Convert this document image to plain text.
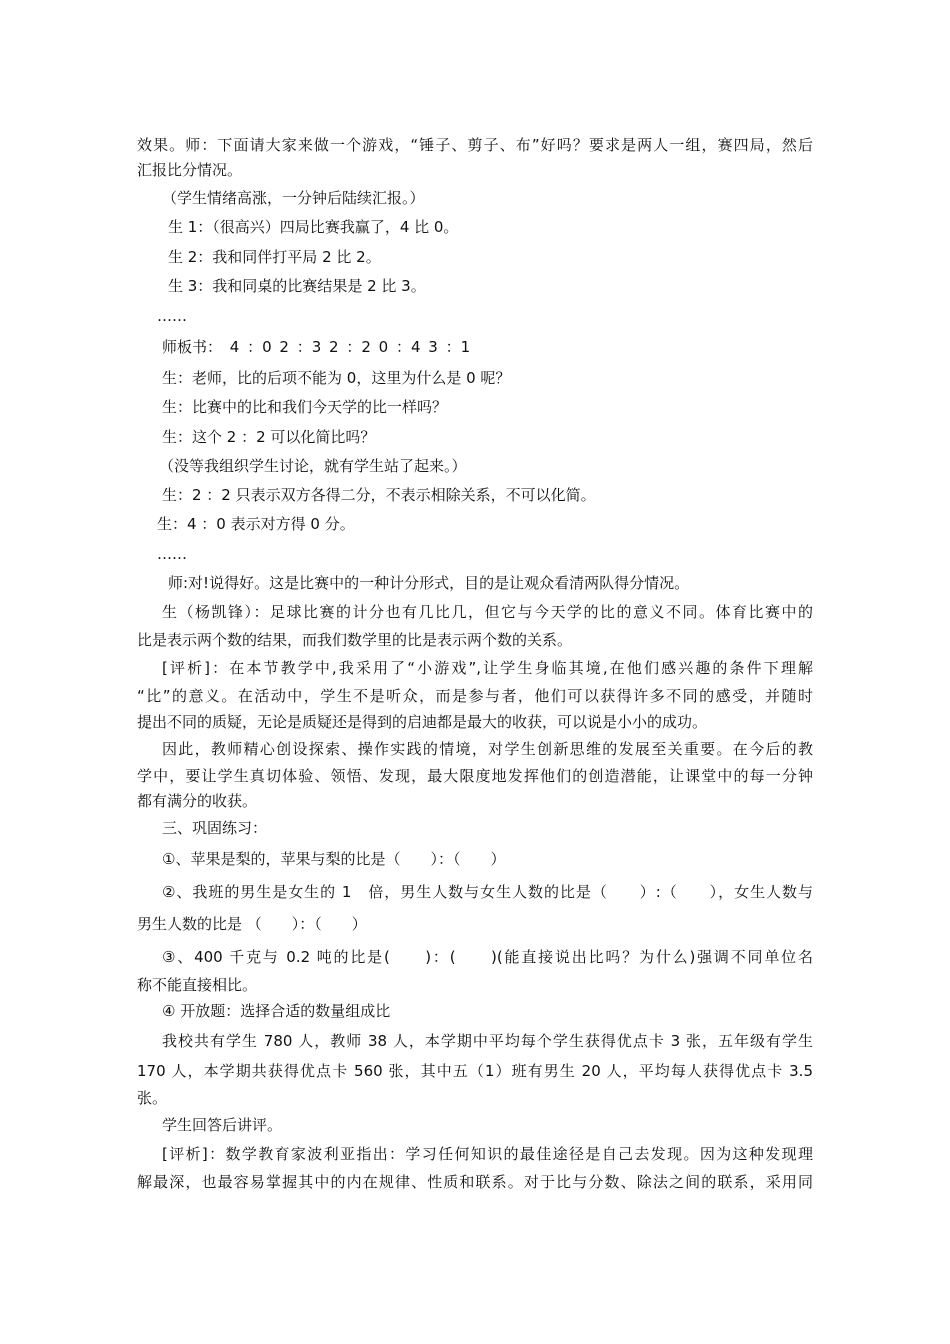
效果。师：下面请大家来做一个游戏，“锤子、剪子、布”好吗？要求是两人一组，赛四局，然后
汇报比分情况。
（学生情绪高涨，一分钟后陆续汇报。）
生 1：（很高兴）四局比赛我赢了，4 比 0。
生 2：我和同伴打平局 2 比 2。
生 3：我和同桌的比赛结果是 2 比 3。
……
师板书： 4 ：0 2 ：3 2 ：2 0 ：4 3 ：1
生：老师，比的后项不能为 0，这里为什么是 0 呢？
生：比赛中的比和我们今天学的比一样吗？
生：这个 2 ：2 可以化简比吗？
（没等我组织学生讨论，就有学生站了起来。）
生：2 ：2 只表示双方各得二分，不表示相除关系，不可以化简。
生：4 ：0 表示对方得 0 分。
……
师:对!说得好。这是比赛中的一种计分形式，目的是让观众看清两队得分情况。
生（杨凯锋）：足球比赛的计分也有几比几，但它与今天学的比的意义不同。体育比赛中的
比是表示两个数的结果，而我们数学里的比是表示两个数的关系。
[评析]：在本节教学中,我采用了“小游戏”,让学生身临其境,在他们感兴趣的条件下理解
“比”的意义。在活动中，学生不是听众，而是参与者，他们可以获得许多不同的感受，并随时
提出不同的质疑，无论是质疑还是得到的启迪都是最大的收获，可以说是小小的成功。
因此，教师精心创设探索、操作实践的情境，对学生创新思维的发展至关重要。在今后的教
学中，要让学生真切体验、领悟、发现，最大限度地发挥他们的创造潜能，让课堂中的每一分钟
都有满分的收获。
三、巩固练习：
①、苹果是梨的，苹果与梨的比是（　　）：（　　）
②、我班的男生是女生的 1　倍，男生人数与女生人数的比是（　　）:（　　），女生人数与
男生人数的比是 （　　）：（　　）
③、400 千克与 0.2 吨的比是(　　)：(　　)(能直接说出比吗？为什么)强调不同单位名
称不能直接相比。
④ 开放题：选择合适的数量组成比
我校共有学生 780 人，教师 38 人，本学期中平均每个学生获得优点卡 3 张，五年级有学生
170 人，本学期共获得优点卡 560 张，其中五（1）班有男生 20 人，平均每人获得优点卡 3.5
张。
学生回答后讲评。
[评析]：数学教育家波利亚指出：学习任何知识的最佳途径是自己去发现。因为这种发现理
解最深，也最容易掌握其中的内在规律、性质和联系。对于比与分数、除法之间的联系，采用同
